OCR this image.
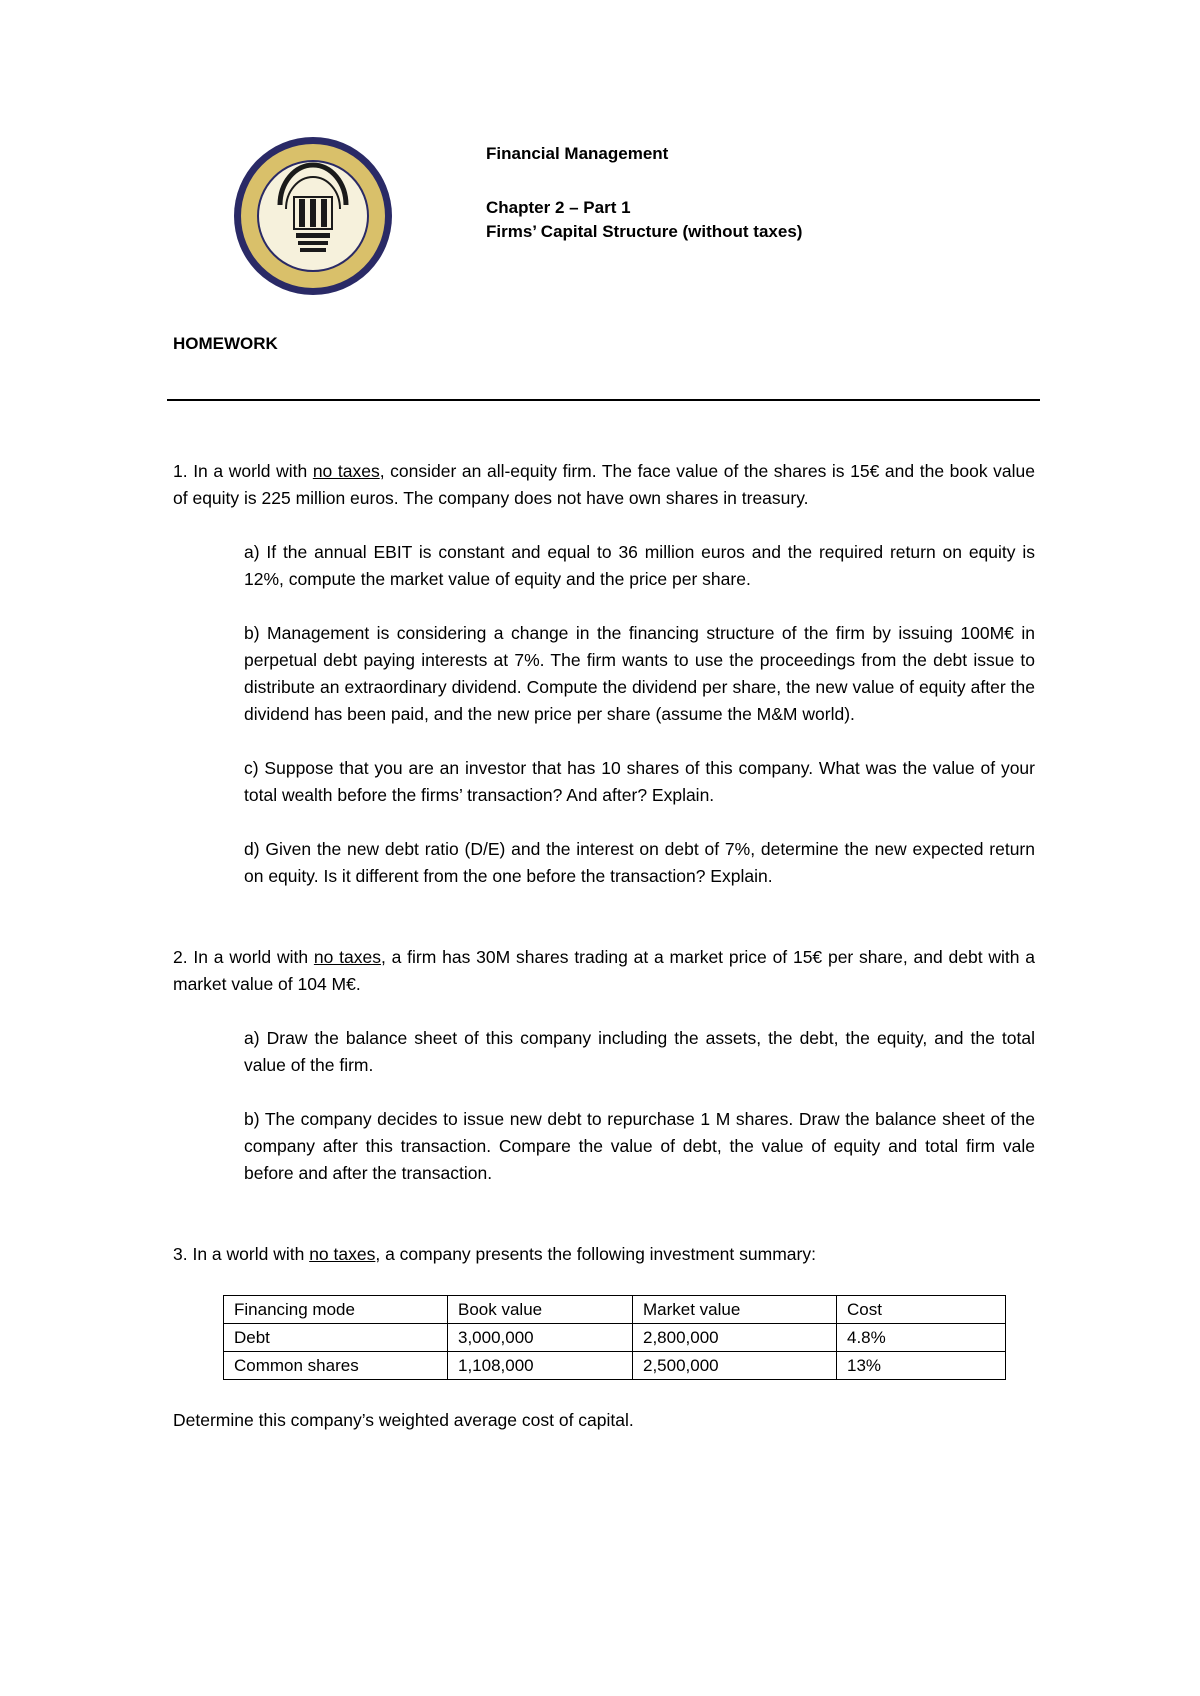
Financial Management
Chapter 2 – Part 1
Firms’ Capital Structure (without taxes)
HOMEWORK

1. In a world with no taxes, consider an all-equity firm. The face value of the shares is 15€ and the book value of equity is 225 million euros. The company does not have own shares in treasury.

a) If the annual EBIT is constant and equal to 36 million euros and the required return on equity is 12%, compute the market value of equity and the price per share.

b) Management is considering a change in the financing structure of the firm by issuing 100M€ in perpetual debt paying interests at 7%. The firm wants to use the proceedings from the debt issue to distribute an extraordinary dividend. Compute the dividend per share, the new value of equity after the dividend has been paid, and the new price per share (assume the M&M world).

c) Suppose that you are an investor that has 10 shares of this company. What was the value of your total wealth before the firms’ transaction? And after? Explain.

d) Given the new debt ratio (D/E) and the interest on debt of 7%, determine the new expected return on equity. Is it different from the one before the transaction? Explain.

2. In a world with no taxes, a firm has 30M shares trading at a market price of 15€ per share, and debt with a market value of 104 M€.

a) Draw the balance sheet of this company including the assets, the debt, the equity, and the total value of the firm.

b) The company decides to issue new debt to repurchase 1 M shares. Draw the balance sheet of the company after this transaction. Compare the value of debt, the value of equity and total firm vale before and after the transaction.

3. In a world with no taxes, a company presents the following investment summary:

Financing mode	Book value	Market value	Cost
Debt	3,000,000	2,800,000	4.8%
Common shares	1,108,000	2,500,000	13%

Determine this company’s weighted average cost of capital.
